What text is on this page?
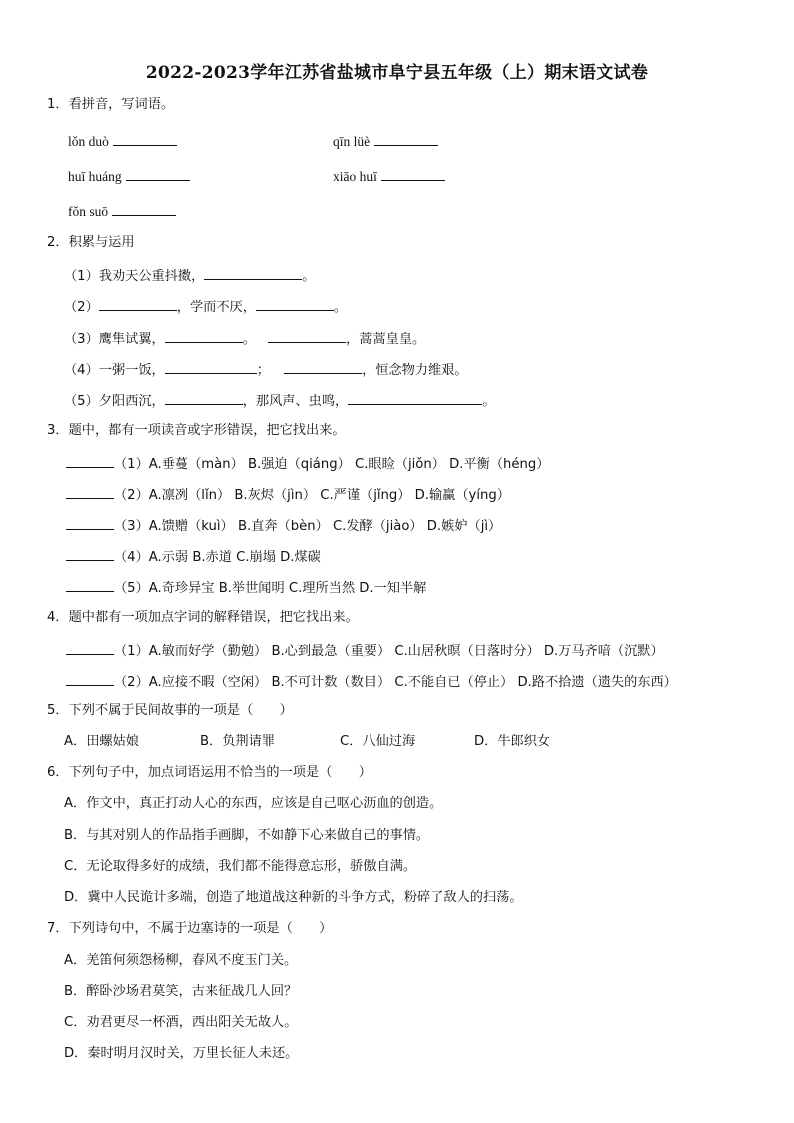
2022-2023学年江苏省盐城市阜宁县五年级（上）期末语文试卷
1．看拼音，写词语。
lǒn duò	qīn lüè
huī huáng	xiāo huī
fǒn suō
2．积累与运用
（1）我劝天公重抖擞，	。
（2）	，学而不厌，	。
（3）鹰隼试翼，	。	，蒿蒿皇皇。
（4）一粥一饭，	；	，恒念物力维艰。
（5）夕阳西沉，	，那风声、虫鸣，	。
3．题中，都有一项读音或字形错误，把它找出来。
（1）A.垂蔓（màn） B.强迫（qiáng） C.眼睑（jiǒn） D.平衡（héng）
（2）A.凛冽（lǐn） B.灰烬（jìn） C.严谨（jǐng） D.输赢（yíng）
（3）A.馈赠（kuì） B.直奔（bèn） C.发酵（jiào） D.嫉妒（jì）
（4）A.示弱 B.赤道 C.崩塌 D.煤碳
（5）A.奇珍异宝 B.举世闻明 C.理所当然 D.一知半解
4．题中都有一项加点字词的解释错误，把它找出来。
（1）A.敏而好学（勤勉） B.心到最急（重要） C.山居秋暝（日落时分） D.万马齐喑（沉默）
（2）A.应接不暇（空闲） B.不可计数（数目） C.不能自已（停止） D.路不拾遗（遗失的东西）
5．下列不属于民间故事的一项是（　　）
A．田螺姑娘	B．负荆请罪	C．八仙过海	D．牛郎织女
6．下列句子中，加点词语运用不恰当的一项是（　　）
A．作文中，真正打动人心的东西，应该是自己呕心沥血的创造。
B．与其对别人的作品指手画脚，不如静下心来做自己的事情。
C．无论取得多好的成绩，我们都不能得意忘形，骄傲自满。
D．冀中人民诡计多端，创造了地道战这种新的斗争方式，粉碎了敌人的扫荡。
7．下列诗句中，不属于边塞诗的一项是（　　）
A．羌笛何须怨杨柳，春风不度玉门关。
B．醉卧沙场君莫笑，古来征战几人回？
C．劝君更尽一杯酒，西出阳关无故人。
D．秦时明月汉时关，万里长征人未还。
